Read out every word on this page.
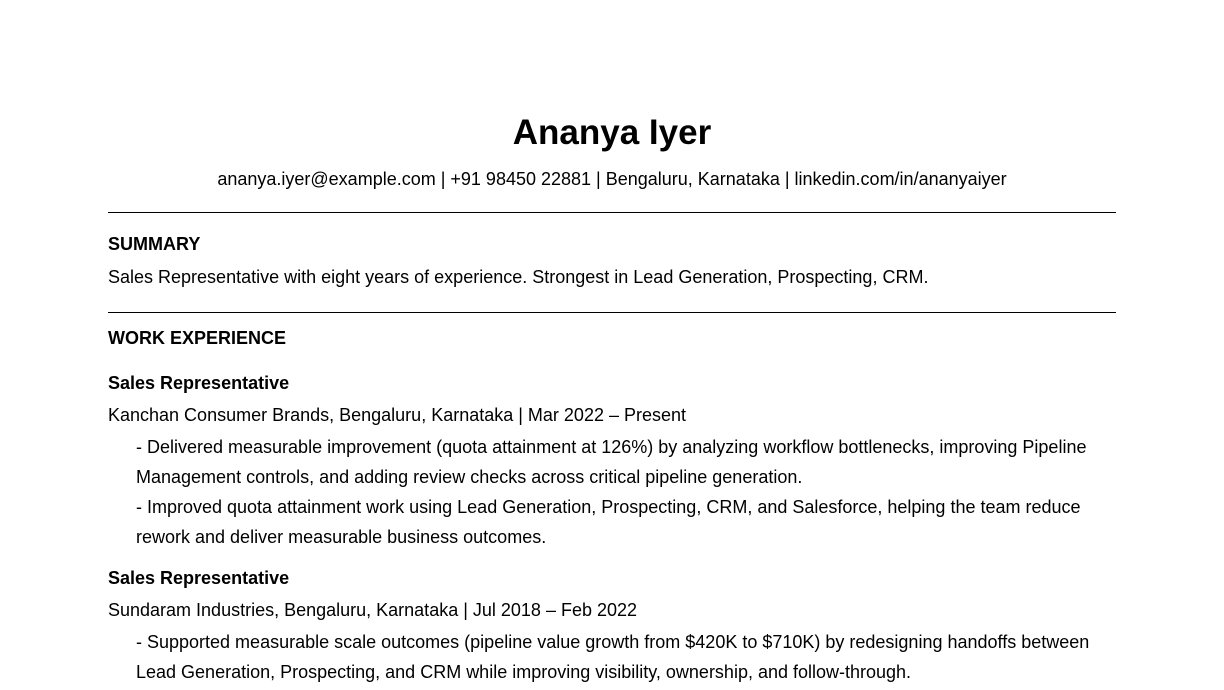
Ananya Iyer
ananya.iyer@example.com | +91 98450 22881 | Bengaluru, Karnataka | linkedin.com/in/ananyaiyer
SUMMARY
Sales Representative with eight years of experience. Strongest in Lead Generation, Prospecting, CRM.
WORK EXPERIENCE
Sales Representative
Kanchan Consumer Brands, Bengaluru, Karnataka | Mar 2022 – Present
- Delivered measurable improvement (quota attainment at 126%) by analyzing workflow bottlenecks, improving Pipeline Management controls, and adding review checks across critical pipeline generation.
- Improved quota attainment work using Lead Generation, Prospecting, CRM, and Salesforce, helping the team reduce rework and deliver measurable business outcomes.
Sales Representative
Sundaram Industries, Bengaluru, Karnataka | Jul 2018 – Feb 2022
- Supported measurable scale outcomes (pipeline value growth from $420K to $710K) by redesigning handoffs between Lead Generation, Prospecting, and CRM while improving visibility, ownership, and follow-through.
